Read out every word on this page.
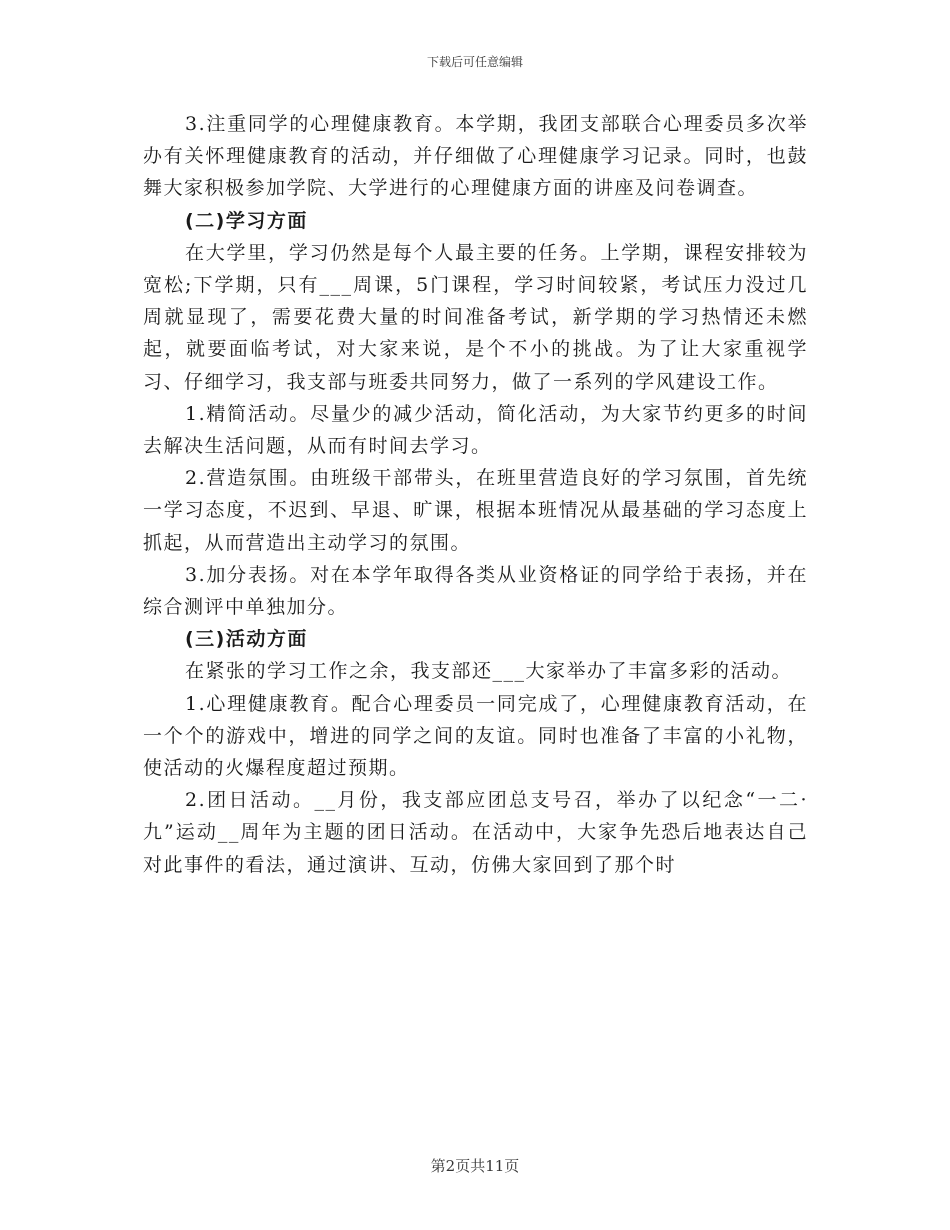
下载后可任意编辑

3.注重同学的心理健康教育。本学期，我团支部联合心理委员多次举办有关怀理健康教育的活动，并仔细做了心理健康学习记录。同时，也鼓舞大家积极参加学院、大学进行的心理健康方面的讲座及问卷调查。

(二)学习方面

在大学里，学习仍然是每个人最主要的任务。上学期，课程安排较为宽松;下学期，只有___周课，5门课程，学习时间较紧，考试压力没过几周就显现了，需要花费大量的时间准备考试，新学期的学习热情还未燃起，就要面临考试，对大家来说，是个不小的挑战。为了让大家重视学习、仔细学习，我支部与班委共同努力，做了一系列的学风建设工作。

1.精简活动。尽量少的减少活动，简化活动，为大家节约更多的时间去解决生活问题，从而有时间去学习。

2.营造氛围。由班级干部带头，在班里营造良好的学习氛围，首先统一学习态度，不迟到、早退、旷课，根据本班情况从最基础的学习态度上抓起，从而营造出主动学习的氛围。

3.加分表扬。对在本学年取得各类从业资格证的同学给于表扬，并在综合测评中单独加分。

(三)活动方面

在紧张的学习工作之余，我支部还___大家举办了丰富多彩的活动。

1.心理健康教育。配合心理委员一同完成了，心理健康教育活动，在一个个的游戏中，增进的同学之间的友谊。同时也准备了丰富的小礼物，使活动的火爆程度超过预期。

2.团日活动。__月份，我支部应团总支号召，举办了以纪念“一二·九”运动__周年为主题的团日活动。在活动中，大家争先恐后地表达自己对此事件的看法，通过演讲、互动，仿佛大家回到了那个时

第2页共11页
